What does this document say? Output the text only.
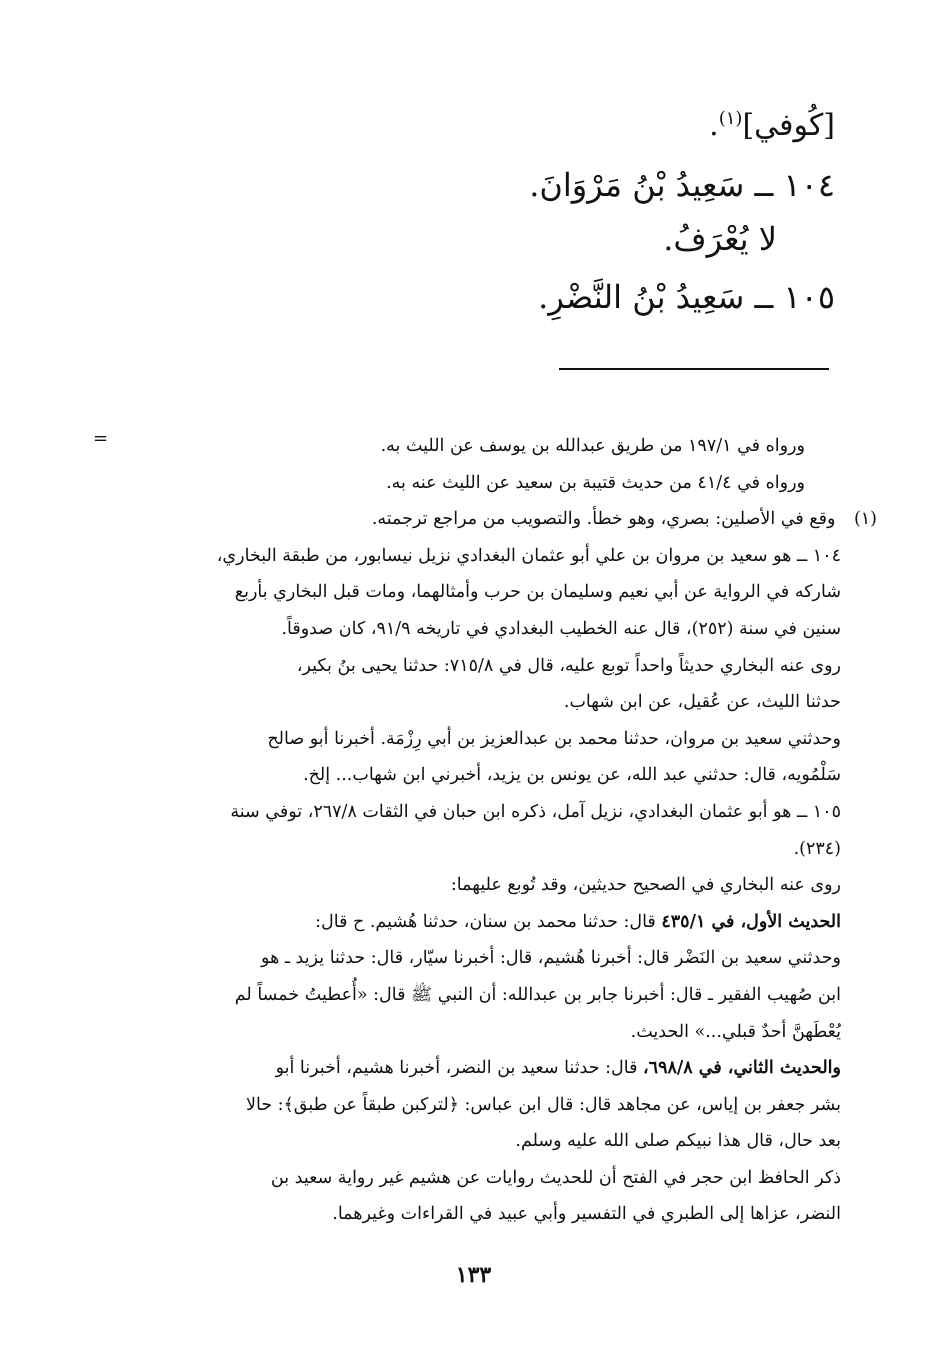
[كُوفي]$^{(١)}$.
١٠٤ ــ سَعِيدُ بْنُ مَرْوَانَ.
لا يُعْرَفُ.
١٠٥ ــ سَعِيدُ بْنُ النَّضْرِ.
=	ورواه في ١٩٧/١ من طريق عبدالله بن يوسف عن الليث به.
ورواه في ٤١/٤ من حديث قتيبة بن سعيد عن الليث عنه به.
(١) وقع في الأصلين: بصري، وهو خطأ. والتصويب من مراجع ترجمته.
١٠٤ ــ هو سعيد بن مروان بن علي أبو عثمان البغدادي نزيل نيسابور، من طبقة البخاري،
شاركه في الرواية عن أبي نعيم وسليمان بن حرب وأمثالهما، ومات قبل البخاري بأربع
سنين في سنة (٢٥٢)، قال عنه الخطيب البغدادي في تاريخه ٩١/٩، كان صدوقاً.
روى عنه البخاري حديثاً واحداً توبع عليه، قال في ٧١٥/٨: حدثنا يحيى بنُ بكير،
حدثنا الليث، عن عُقيل، عن ابن شهاب.
وحدثني سعيد بن مروان، حدثنا محمد بن عبدالعزيز بن أبي رِزْمَة. أخبرنا أبو صالح
سَلْمُويه، قال: حدثني عبد الله، عن يونس بن يزيد، أخبرني ابن شهاب... إلخ.
١٠٥ ــ هو أبو عثمان البغدادي، نزيل آمل، ذكره ابن حبان في الثقات ٢٦٧/٨، توفي سنة
(٢٣٤).
روى عنه البخاري في الصحيح حديثين، وقد تُوبع عليهما:
الحديث الأول، في ٤٣٥/١ قال: حدثنا محمد بن سنان، حدثنا هُشيم. ح قال:
وحدثني سعيد بن النَضْر قال: أخبرنا هُشيم، قال: أخبرنا سيّار، قال: حدثنا يزيد ـ هو
ابن صُهيب الفقير ـ قال: أخبرنا جابر بن عبدالله: أن النبي ﷺ قال: «أُعطيتُ خمساً لم
يُعْطَهنَّ أحدٌ قبلي...» الحديث.
والحديث الثاني، في ٦٩٨/٨، قال: حدثنا سعيد بن النضر، أخبرنا هشيم، أخبرنا أبو
بشر جعفر بن إياس، عن مجاهد قال: قال ابن عباس: ﴿لتركبن طبقاً عن طبق﴾: حالا
بعد حال، قال هذا نبيكم صلى الله عليه وسلم.
ذكر الحافظ ابن حجر في الفتح أن للحديث روايات عن هشيم غير رواية سعيد بن
النضر، عزاها إلى الطبري في التفسير وأبي عبيد في القراءات وغيرهما.
١٣٣
